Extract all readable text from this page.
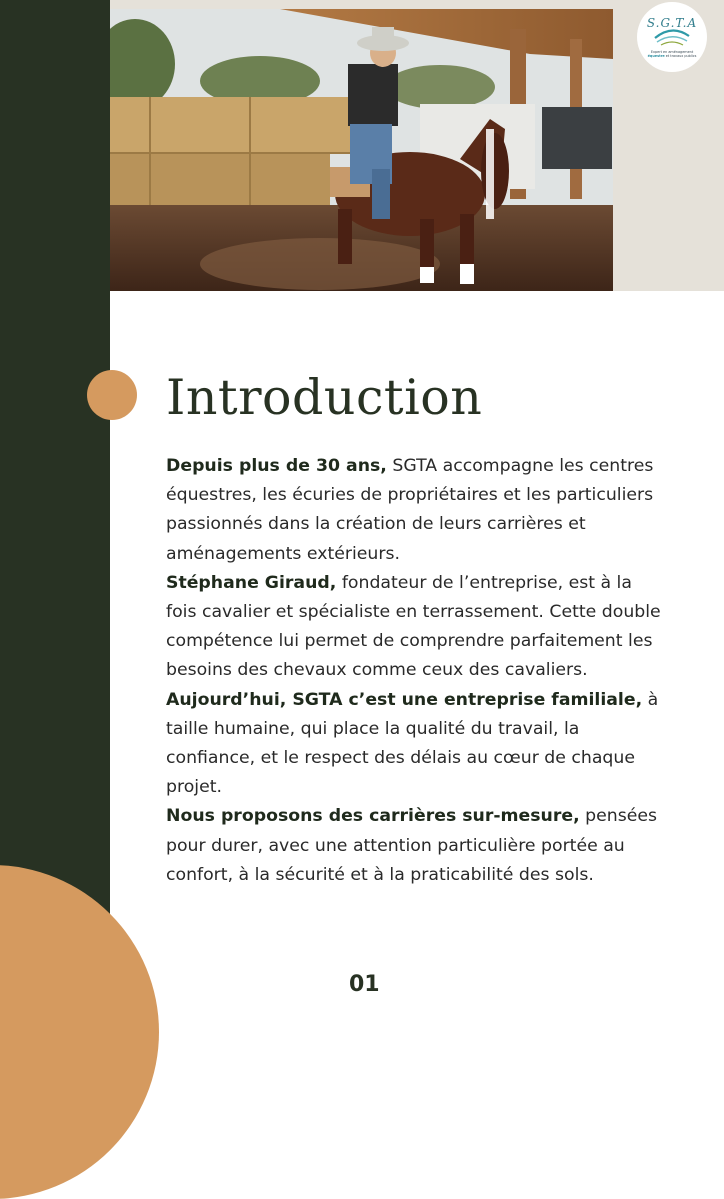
S.G.T.A
Expert en aménagement équestre et travaux publics
Introduction

Depuis plus de 30 ans, SGTA accompagne les centres équestres, les écuries de propriétaires et les particuliers passionnés dans la création de leurs carrières et aménagements extérieurs.

Stéphane Giraud, fondateur de l’entreprise, est à la fois cavalier et spécialiste en terrassement. Cette double compétence lui permet de comprendre parfaitement les besoins des chevaux comme ceux des cavaliers.

Aujourd’hui, SGTA c’est une entreprise familiale, à taille humaine, qui place la qualité du travail, la confiance, et le respect des délais au cœur de chaque projet.

Nous proposons des carrières sur-mesure, pensées pour durer, avec une attention particulière portée au confort, à la sécurité et à la praticabilité des sols.

01
